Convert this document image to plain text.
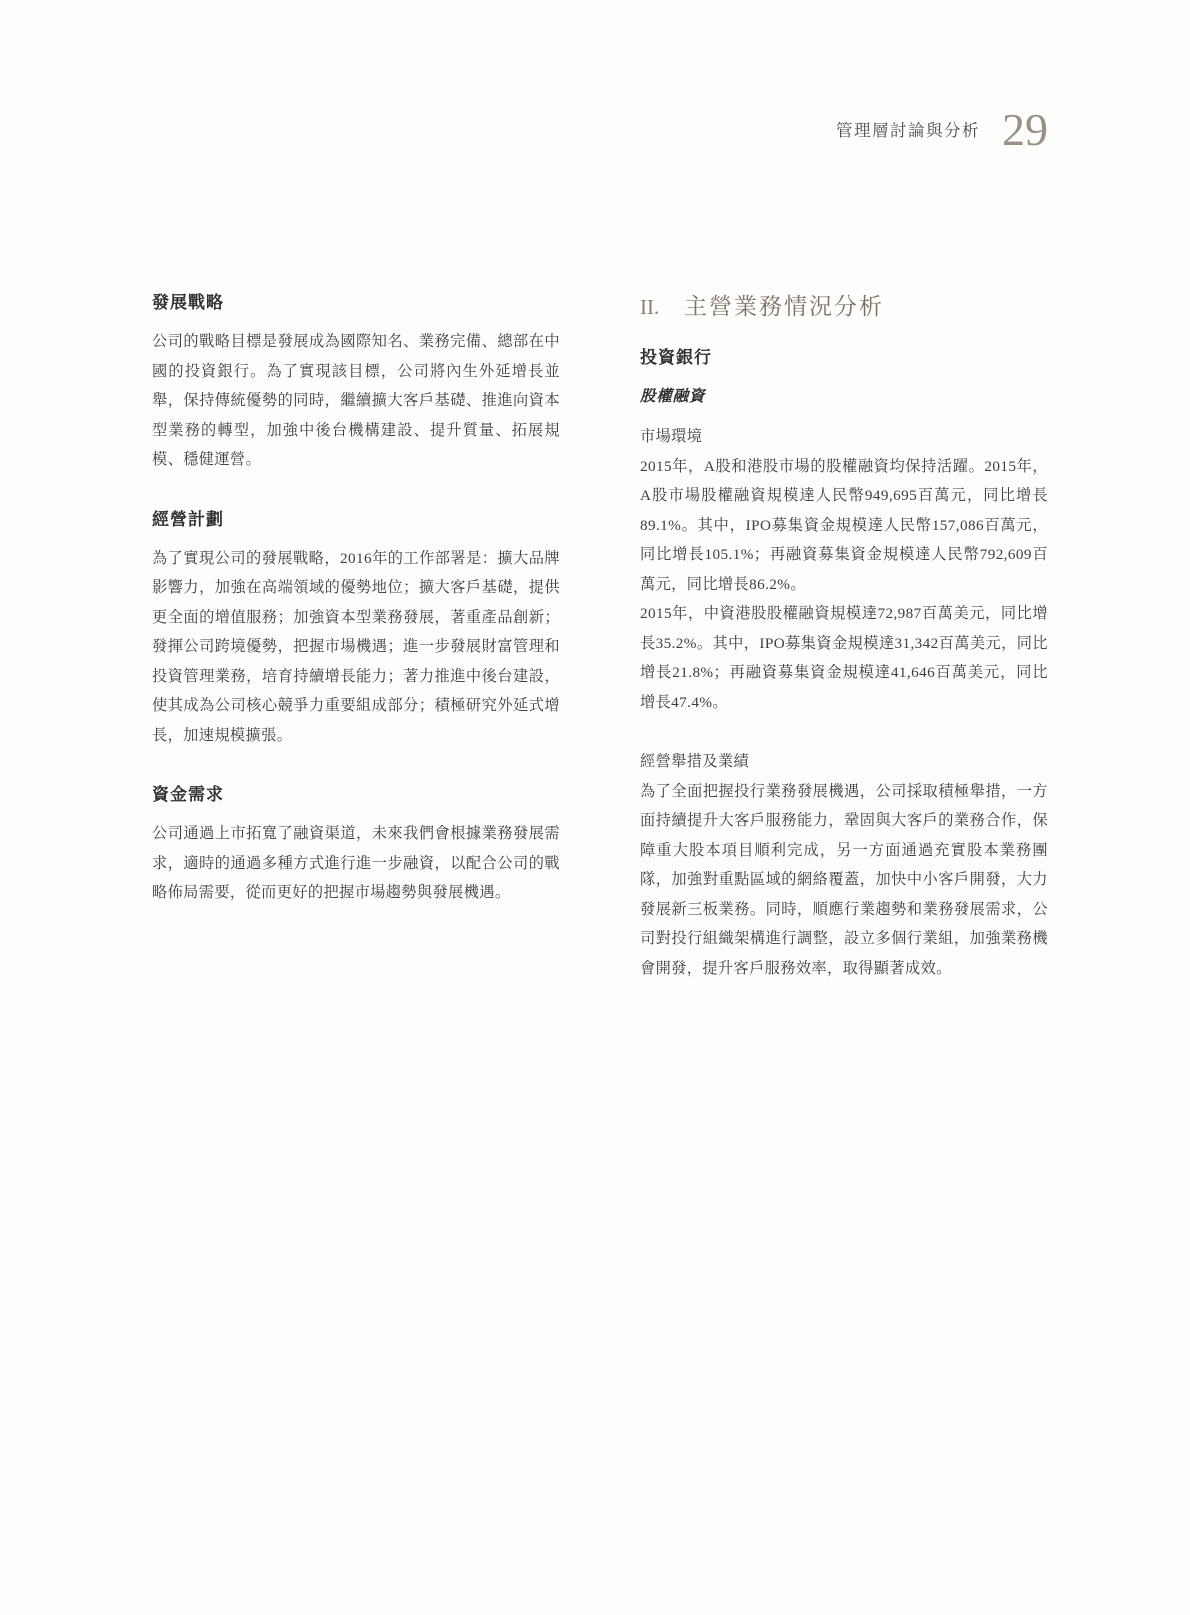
管理層討論與分析 29
發展戰略

公司的戰略目標是發展成為國際知名、業務完備、總部在中國的投資銀行。為了實現該目標，公司將內生外延增長並舉，保持傳統優勢的同時，繼續擴大客戶基礎、推進向資本型業務的轉型，加強中後台機構建設、提升質量、拓展規模、穩健運營。

經營計劃

為了實現公司的發展戰略，2016年的工作部署是：擴大品牌影響力，加強在高端領域的優勢地位；擴大客戶基礎，提供更全面的增值服務；加強資本型業務發展，著重產品創新；發揮公司跨境優勢，把握市場機遇；進一步發展財富管理和投資管理業務，培育持續增長能力；著力推進中後台建設，使其成為公司核心競爭力重要組成部分；積極研究外延式增長，加速規模擴張。

資金需求

公司通過上市拓寬了融資渠道，未來我們會根據業務發展需求，適時的通過多種方式進行進一步融資，以配合公司的戰略佈局需要，從而更好的把握市場趨勢與發展機遇。

II. 主營業務情況分析
投資銀行
股權融資
市場環境

2015年，A股和港股市場的股權融資均保持活躍。2015年，A股市場股權融資規模達人民幣949,695百萬元，同比增長89.1%。其中，IPO募集資金規模達人民幣157,086百萬元，同比增長105.1%；再融資募集資金規模達人民幣792,609百萬元，同比增長86.2%。

2015年，中資港股股權融資規模達72,987百萬美元，同比增長35.2%。其中，IPO募集資金規模達31,342百萬美元，同比增長21.8%；再融資募集資金規模達41,646百萬美元，同比增長47.4%。

經營舉措及業績

為了全面把握投行業務發展機遇，公司採取積極舉措，一方面持續提升大客戶服務能力，鞏固與大客戶的業務合作，保障重大股本項目順利完成，另一方面通過充實股本業務團隊，加強對重點區域的網絡覆蓋，加快中小客戶開發，大力發展新三板業務。同時，順應行業趨勢和業務發展需求，公司對投行組織架構進行調整，設立多個行業組，加強業務機會開發，提升客戶服務效率，取得顯著成效。
